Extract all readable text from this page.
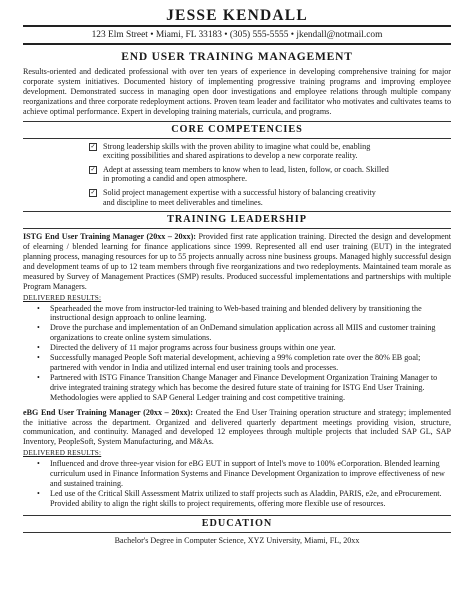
JESSE KENDALL
123 Elm Street • Miami, FL 33183 • (305) 555-5555 • jkendall@notmail.com
END USER TRAINING MANAGEMENT

Results-oriented and dedicated professional with over ten years of experience in developing comprehensive training for major corporate system initiatives. Documented history of implementing progressive training programs and improving employee development. Demonstrated success in managing open door investigations and employee relations through multiple company reorganizations and three corporate redeployment actions. Proven team leader and facilitator who motivates and cultivates teams to achieve optimal performance. Expert in developing training materials, curricula, and programs.

CORE COMPETENCIES
✓ Strong leadership skills with the proven ability to imagine what could be, enabling exciting possibilities and shared aspirations to develop a new corporate reality.
✓ Adept at assessing team members to know when to lead, listen, follow, or coach. Skilled in promoting a candid and open atmosphere.
✓ Solid project management expertise with a successful history of balancing creativity and discipline to meet deliverables and timelines.
TRAINING LEADERSHIP

ISTG End User Training Manager (20xx – 20xx): Provided first rate application training. Directed the design and development of elearning / blended learning for finance applications since 1999. Represented all end user training (EUT) in the integrated planning process, managing resources for up to 55 projects annually across nine business groups. Managed highly successful design and development teams of up to 12 team members through five reorganizations and two redeployments. Maintained team morale as measured by Survey of Management Practices (SMP) results. Produced successful implementations and partnerships with multiple Program Managers.

DELIVERED RESULTS:
• Spearheaded the move from instructor-led training to Web-based training and blended delivery by transitioning the instructional design approach to online learning.
• Drove the purchase and implementation of an OnDemand simulation application across all MIIS and customer training organizations to create online system simulations.
• Directed the delivery of 11 major programs across four business groups within one year.
• Successfully managed People Soft material development, achieving a 99% completion rate over the 80% EB goal; partnered with vendor in India and utilized internal end user training tools and processes.
• Partnered with ISTG Finance Transition Change Manager and Finance Development Organization Training Manager to drive integrated training strategy which has become the desired future state of training for ISTG End User Training. Methodologies were applied to SAP General Ledger training and cost competitive training.

eBG End User Training Manager (20xx – 20xx): Created the End User Training operation structure and strategy; implemented the initiative across the department. Organized and delivered quarterly department meetings providing vision, structure, communication, and continuity. Managed and developed 12 employees through multiple projects that included SAP GL, SAP Inventory, PeopleSoft, System Manufacturing, and M&As.

DELIVERED RESULTS:
• Influenced and drove three-year vision for eBG EUT in support of Intel's move to 100% eCorporation. Blended learning curriculum used in Finance Information Systems and Finance Development Organization to improve effectiveness of new and sustained training.
• Led use of the Critical Skill Assessment Matrix utilized to staff projects such as Aladdin, PARIS, e2e, and eProcurement. Provided ability to align the right skills to project requirements, offering more flexible use of resources.
EDUCATION
Bachelor's Degree in Computer Science, XYZ University, Miami, FL, 20xx
